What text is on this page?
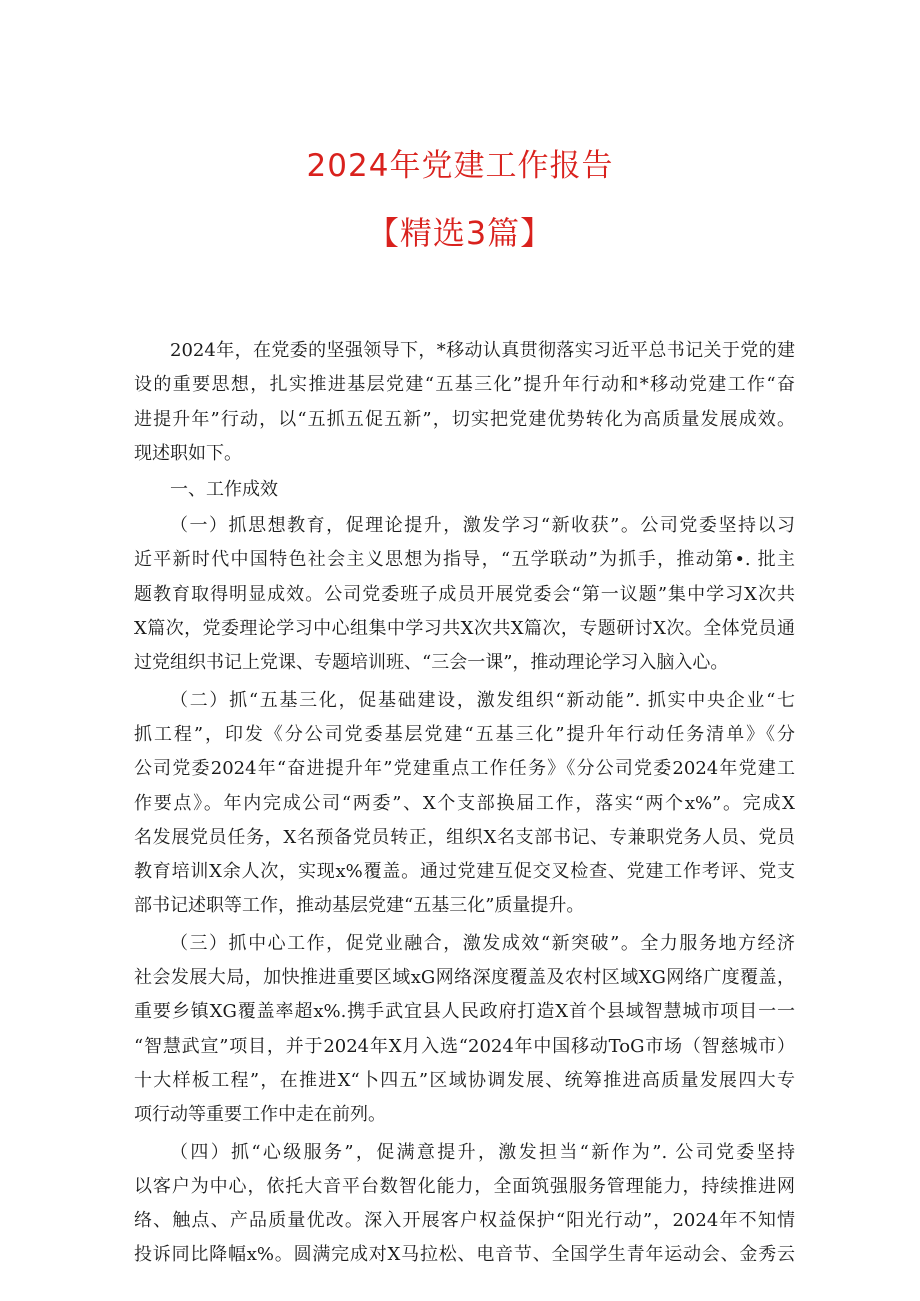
2024年党建工作报告
【精选3篇】
2024年，在党委的坚强领导下，*移动认真贯彻落实习近平总书记关于党的建
设的重要思想，扎实推进基层党建“五基三化”提升年行动和*移动党建工作“奋
进提升年”行动，以“五抓五促五新”，切实把党建优势转化为高质量发展成效。
现述职如下。
一、工作成效
（一）抓思想教育，促理论提升，激发学习“新收获”。公司党委坚持以习
近平新时代中国特色社会主义思想为指导，“五学联动”为抓手，推动第•. 批主
题教育取得明显成效。公司党委班子成员开展党委会“第一议题”集中学习X次共
X篇次，党委理论学习中心组集中学习共X次共X篇次，专题研讨X次。全体党员通
过党组织书记上党课、专题培训班、“三会一课”，推动理论学习入脑入心。
（二）抓“五基三化，促基础建设，激发组织“新动能”. 抓实中央企业“七
抓工程”，印发《分公司党委基层党建“五基三化”提升年行动任务清单》《分
公司党委2024年“奋进提升年”党建重点工作任务》《分公司党委2024年党建工
作要点》。年内完成公司“两委”、X个支部换届工作，落实“两个x%”。完成X
名发展党员任务，X名预备党员转正，组织X名支部书记、专兼职党务人员、党员
教育培训X余人次，实现x%覆盖。通过党建互促交叉检查、党建工作考评、党支
部书记述职等工作，推动基层党建“五基三化”质量提升。
（三）抓中心工作，促党业融合，激发成效“新突破”。全力服务地方经济
社会发展大局，加快推进重要区域xG网络深度覆盖及农村区域XG网络广度覆盖，
重要乡镇XG覆盖率超x%.携手武宜县人民政府打造X首个县域智慧城市项目一一
“智慧武宣”项目，并于2024年X月入选“2024年中国移动ToG市场（智慈城市）
十大样板工程”，在推进X“卜四五”区域协调发展、统筹推进高质量发展四大专
项行动等重要工作中走在前列。
（四）抓“心级服务”，促满意提升，激发担当“新作为”. 公司党委坚持
以客户为中心，依托大音平台数智化能力，全面筑强服务管理能力，持续推进网
络、触点、产品质量优改。深入开展客户权益保护“阳光行动”，2024年不知情
投诉同比降幅x%。圆满完成对X马拉松、电音节、全国学生青年运动会、金秀云
